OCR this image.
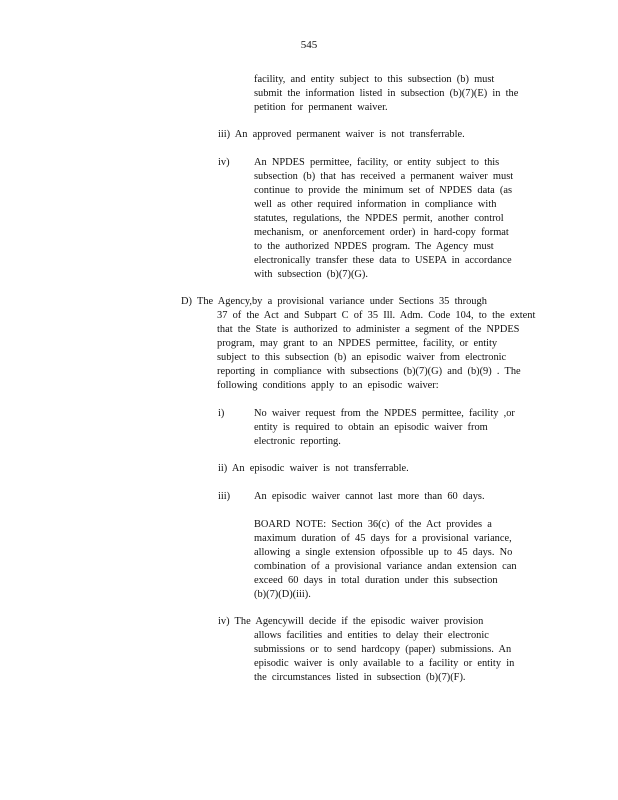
545
facility, and entity subject to this subsection (b) must
submit the information listed in subsection (b)(7)(E) in the
petition for permanent waiver.
iii) An approved permanent waiver is not transferrable.
iv) An NPDES permittee, facility, or entity subject to this
subsection (b) that has received a permanent waiver must
continue to provide the minimum set of NPDES data (as
well as other required information in compliance with
statutes, regulations, the NPDES permit, another control
mechanism, or anenforcement order) in hard-copy format
to the authorized NPDES program. The Agency must
electronically transfer these data to USEPA in accordance
with subsection (b)(7)(G).
D) The Agency,by a provisional variance under Sections 35 through
37 of the Act and Subpart C of 35 Ill. Adm. Code 104, to the extent
that the State is authorized to administer a segment of the NPDES
program, may grant to an NPDES permittee, facility, or entity
subject to this subsection (b) an episodic waiver from electronic
reporting in compliance with subsections (b)(7)(G) and (b)(9) . The
following conditions apply to an episodic waiver:
i)	No waiver request from the NPDES permittee, facility ,or
entity is required to obtain an episodic waiver from
electronic reporting.
ii) An episodic waiver is not transferrable.
iii) An episodic waiver cannot last more than 60 days.
BOARD NOTE: Section 36(c) of the Act provides a
maximum duration of 45 days for a provisional variance,
allowing a single extension ofpossible up to 45 days. No
combination of a provisional variance andan extension can
exceed 60 days in total duration under this subsection
(b)(7)(D)(iii).
iv) The Agencywill decide if the episodic waiver provision
allows facilities and entities to delay their electronic
submissions or to send hardcopy (paper) submissions. An
episodic waiver is only available to a facility or entity in
the circumstances listed in subsection (b)(7)(F).
